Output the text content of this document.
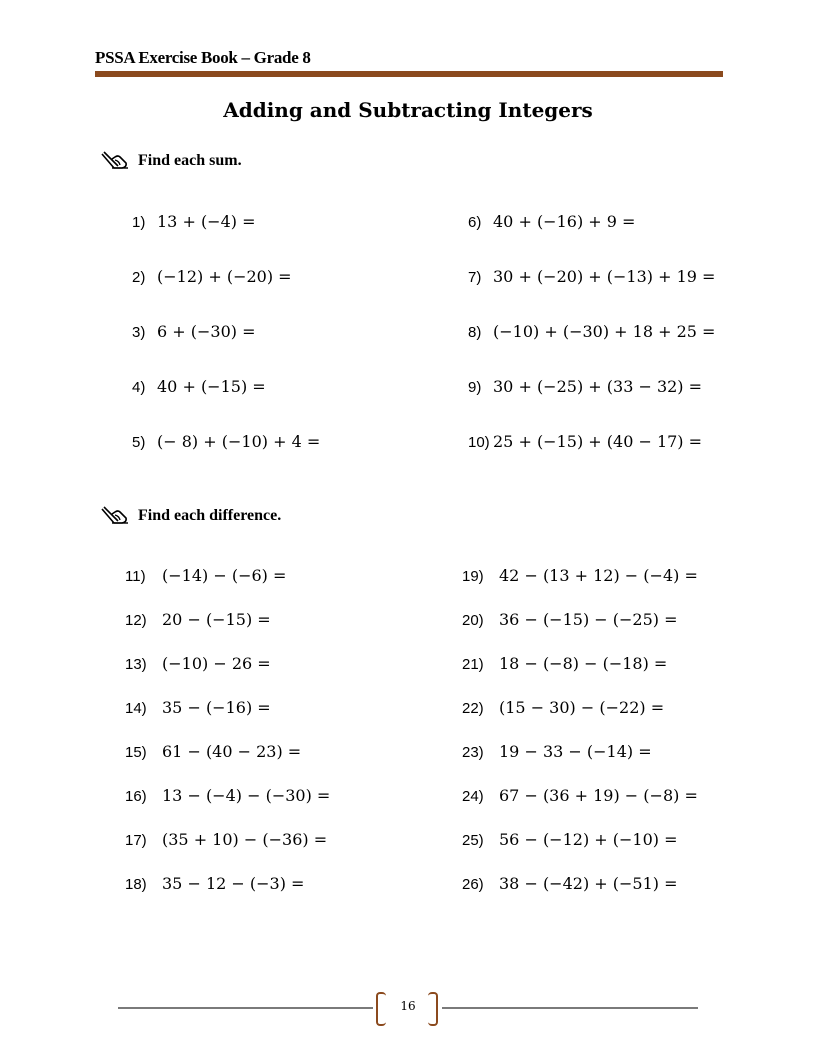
PSSA Exercise Book – Grade 8
Adding and Subtracting Integers
Find each sum.
1) 13 + (−4) =
2) (−12) + (−20) =
3) 6 + (−30) =
4) 40 + (−15) =
5) (− 8) + (−10) + 4 =
6) 40 + (−16) + 9 =
7) 30 + (−20) + (−13) + 19 =
8) (−10) + (−30) + 18 + 25 =
9) 30 + (−25) + (33 − 32) =
10) 25 + (−15) + (40 − 17) =
Find each difference.
11) (−14) − (−6) =
12) 20 − (−15) =
13) (−10) − 26 =
14) 35 − (−16) =
15) 61 − (40 − 23) =
16) 13 − (−4) − (−30) =
17) (35 + 10) − (−36) =
18) 35 − 12 − (−3) =
19) 42 − (13 + 12) − (−4) =
20) 36 − (−15) − (−25) =
21) 18 − (−8) − (−18) =
22) (15 − 30) − (−22) =
23) 19 − 33 − (−14) =
24) 67 − (36 + 19) − (−8) =
25) 56 − (−12) + (−10) =
26) 38 − (−42) + (−51) =
16
